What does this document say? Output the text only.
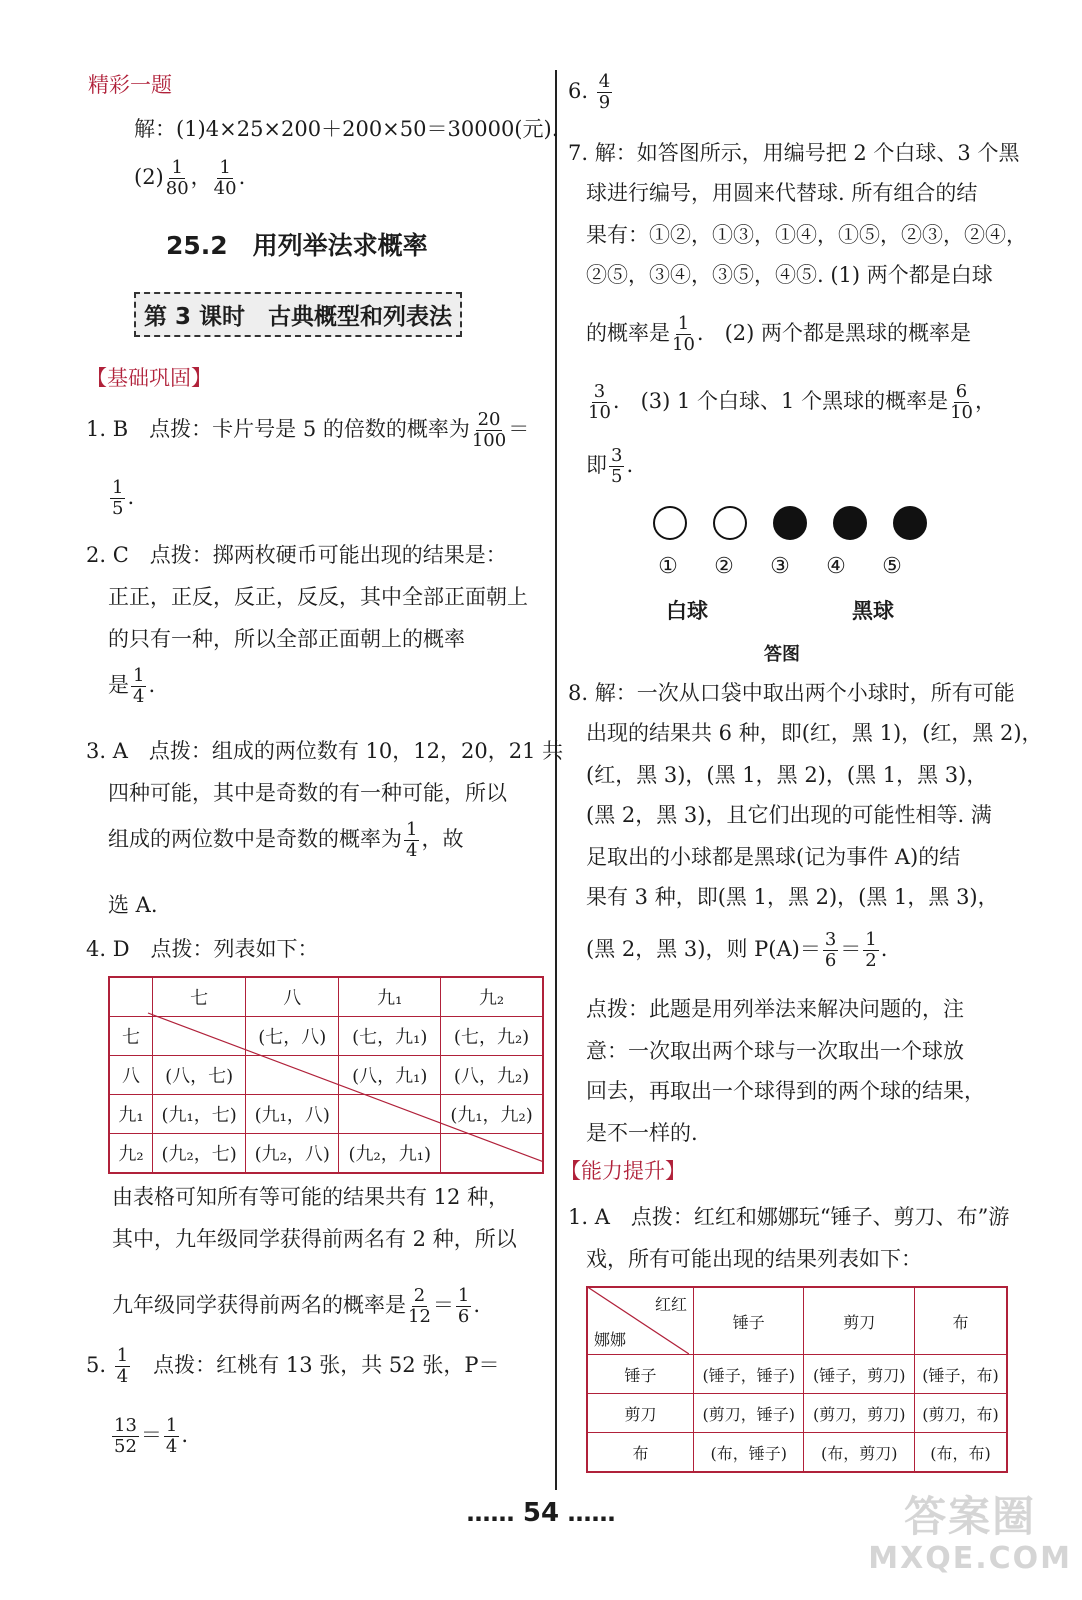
精彩一题
解：(1)4×25×200＋200×50＝30000(元).
$(2) \frac{1}{80}$ ， $\frac{1}{40}$ .
25.2　用列举法求概率
第 3 课时　古典概型和列表法
【基础巩固】
1. B　点拨：卡片号是 5 的倍数的概率为 $\frac{20}{100}$ ＝
$\frac{1}{5}$ .
2. C　点拨：掷两枚硬币可能出现的结果是：
正正，正反，反正，反反，其中全部正面朝上
的只有一种，所以全部正面朝上的概率
是 $\frac{1}{4}$ .
3. A　点拨：组成的两位数有 10，12，20，21 共
四种可能，其中是奇数的有一种可能，所以
组成的两位数中是奇数的概率为 $\frac{1}{4}$ ，故
选 A.
4. D　点拨：列表如下：
	七	八	九₁	九₂
七		(七，八)	(七，九₁)	(七，九₂)
八	(八，七)		(八，九₁)	(八，九₂)
九₁	(九₁，七)	(九₁，八)		(九₁，九₂)
九₂	(九₂，七)	(九₂，八)	(九₂，九₁)	
由表格可知所有等可能的结果共有 12 种，
其中，九年级同学获得前两名有 2 种，所以
九年级同学获得前两名的概率是 $\frac{2}{12} = \frac{1}{6}$ .
5. $\frac{1}{4}$ 　点拨：红桃有 13 张，共 52 张，P＝
$\frac{13}{52} = \frac{1}{4}$ .
6. $\frac{4}{9}$
7. 解：如答图所示，用编号把 2 个白球、3 个黑
球进行编号，用圆来代替球. 所有组合的结
果有：①②，①③，①④，①⑤，②③，②④，
②⑤，③④，③⑤，④⑤. (1) 两个都是白球
的概率是 $\frac{1}{10}$ .　(2) 两个都是黑球的概率是
$\frac{3}{10}$ .　(3) 1 个白球、1 个黑球的概率是 $\frac{6}{10}$ ，
即 $\frac{3}{5}$ .
① ② ③ ④ ⑤
白球	黑球
答图
8. 解：一次从口袋中取出两个小球时，所有可能
出现的结果共 6 种，即(红，黑 1)，(红，黑 2)，
(红，黑 3)，(黑 1，黑 2)，(黑 1，黑 3)，
(黑 2，黑 3)，且它们出现的可能性相等. 满
足取出的小球都是黑球(记为事件 A)的结
果有 3 种，即(黑 1，黑 2)，(黑 1，黑 3)，
(黑 2，黑 3)，则 $P(A)= \frac{3}{6} = \frac{1}{2}$ .
点拨：此题是用列举法来解决问题的，注
意：一次取出两个球与一次取出一个球放
回去，再取出一个球得到的两个球的结果，
是不一样的.
【能力提升】
1. A　点拨：红红和娜娜玩“锤子、剪刀、布”游
戏，所有可能出现的结果列表如下：
红红
娜娜	锤子	剪刀	布
锤子	(锤子，锤子)	(锤子，剪刀)	(锤子，布)
剪刀	(剪刀，锤子)	(剪刀，剪刀)	(剪刀，布)
布	(布，锤子)	(布，剪刀)	(布，布)
…… 54 ……	答案圈
MXQE.COM
